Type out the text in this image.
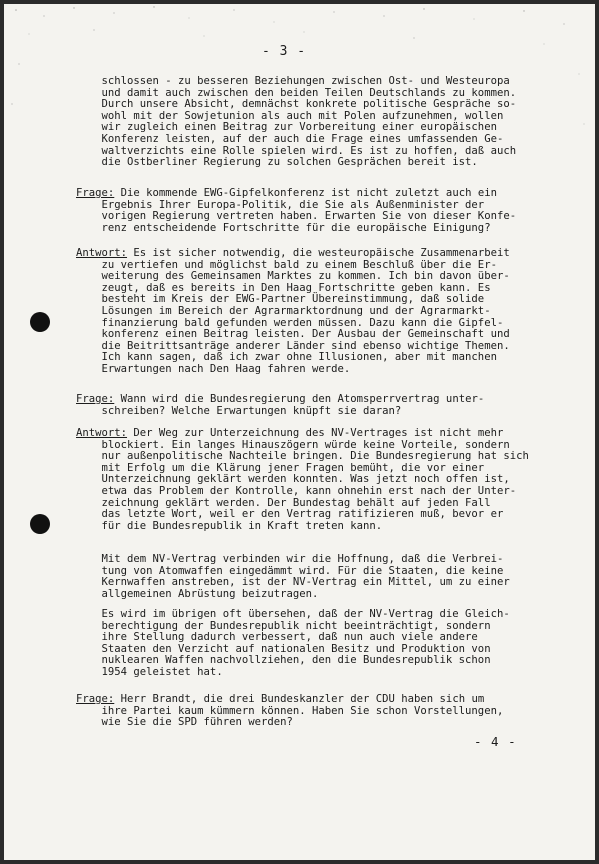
- 3 -
schlossen - zu besseren Beziehungen zwischen Ost- und Westeuropa
und damit auch zwischen den beiden Teilen Deutschlands zu kommen.
Durch unsere Absicht, demnächst konkrete politische Gespräche so-
wohl mit der Sowjetunion als auch mit Polen aufzunehmen, wollen
wir zugleich einen Beitrag zur Vorbereitung einer europäischen
Konferenz leisten, auf der auch die Frage eines umfassenden Ge-
waltverzichts eine Rolle spielen wird. Es ist zu hoffen, daß auch
die Ostberliner Regierung zu solchen Gesprächen bereit ist.
Frage: Die kommende EWG-Gipfelkonferenz ist nicht zuletzt auch ein
Ergebnis Ihrer Europa-Politik, die Sie als Außenminister der
vorigen Regierung vertreten haben. Erwarten Sie von dieser Konfe-
renz entscheidende Fortschritte für die europäische Einigung?
Antwort: Es ist sicher notwendig, die westeuropäische Zusammenarbeit
zu vertiefen und möglichst bald zu einem Beschluß über die Er-
weiterung des Gemeinsamen Marktes zu kommen. Ich bin davon über-
zeugt, daß es bereits in Den Haag Fortschritte geben kann. Es
besteht im Kreis der EWG-Partner Übereinstimmung, daß solide
Lösungen im Bereich der Agrarmarktordnung und der Agrarmarkt-
finanzierung bald gefunden werden müssen. Dazu kann die Gipfel-
konferenz einen Beitrag leisten. Der Ausbau der Gemeinschaft und
die Beitrittsanträge anderer Länder sind ebenso wichtige Themen.
Ich kann sagen, daß ich zwar ohne Illusionen, aber mit manchen
Erwartungen nach Den Haag fahren werde.
Frage: Wann wird die Bundesregierung den Atomsperrvertrag unter-
schreiben? Welche Erwartungen knüpft sie daran?
Antwort: Der Weg zur Unterzeichnung des NV-Vertrages ist nicht mehr
blockiert. Ein langes Hinauszögern würde keine Vorteile, sondern
nur außenpolitische Nachteile bringen. Die Bundesregierung hat sich
mit Erfolg um die Klärung jener Fragen bemüht, die vor einer
Unterzeichnung geklärt werden konnten. Was jetzt noch offen ist,
etwa das Problem der Kontrolle, kann ohnehin erst nach der Unter-
zeichnung geklärt werden. Der Bundestag behält auf jeden Fall
das letzte Wort, weil er den Vertrag ratifizieren muß, bevor er
für die Bundesrepublik in Kraft treten kann.
Mit dem NV-Vertrag verbinden wir die Hoffnung, daß die Verbrei-
tung von Atomwaffen eingedämmt wird. Für die Staaten, die keine
Kernwaffen anstreben, ist der NV-Vertrag ein Mittel, um zu einer
allgemeinen Abrüstung beizutragen.
Es wird im übrigen oft übersehen, daß der NV-Vertrag die Gleich-
berechtigung der Bundesrepublik nicht beeinträchtigt, sondern
ihre Stellung dadurch verbessert, daß nun auch viele andere
Staaten den Verzicht auf nationalen Besitz und Produktion von
nuklearen Waffen nachvollziehen, den die Bundesrepublik schon
1954 geleistet hat.
Frage: Herr Brandt, die drei Bundeskanzler der CDU haben sich um
ihre Partei kaum kümmern können. Haben Sie schon Vorstellungen,
wie Sie die SPD führen werden?
- 4 -
